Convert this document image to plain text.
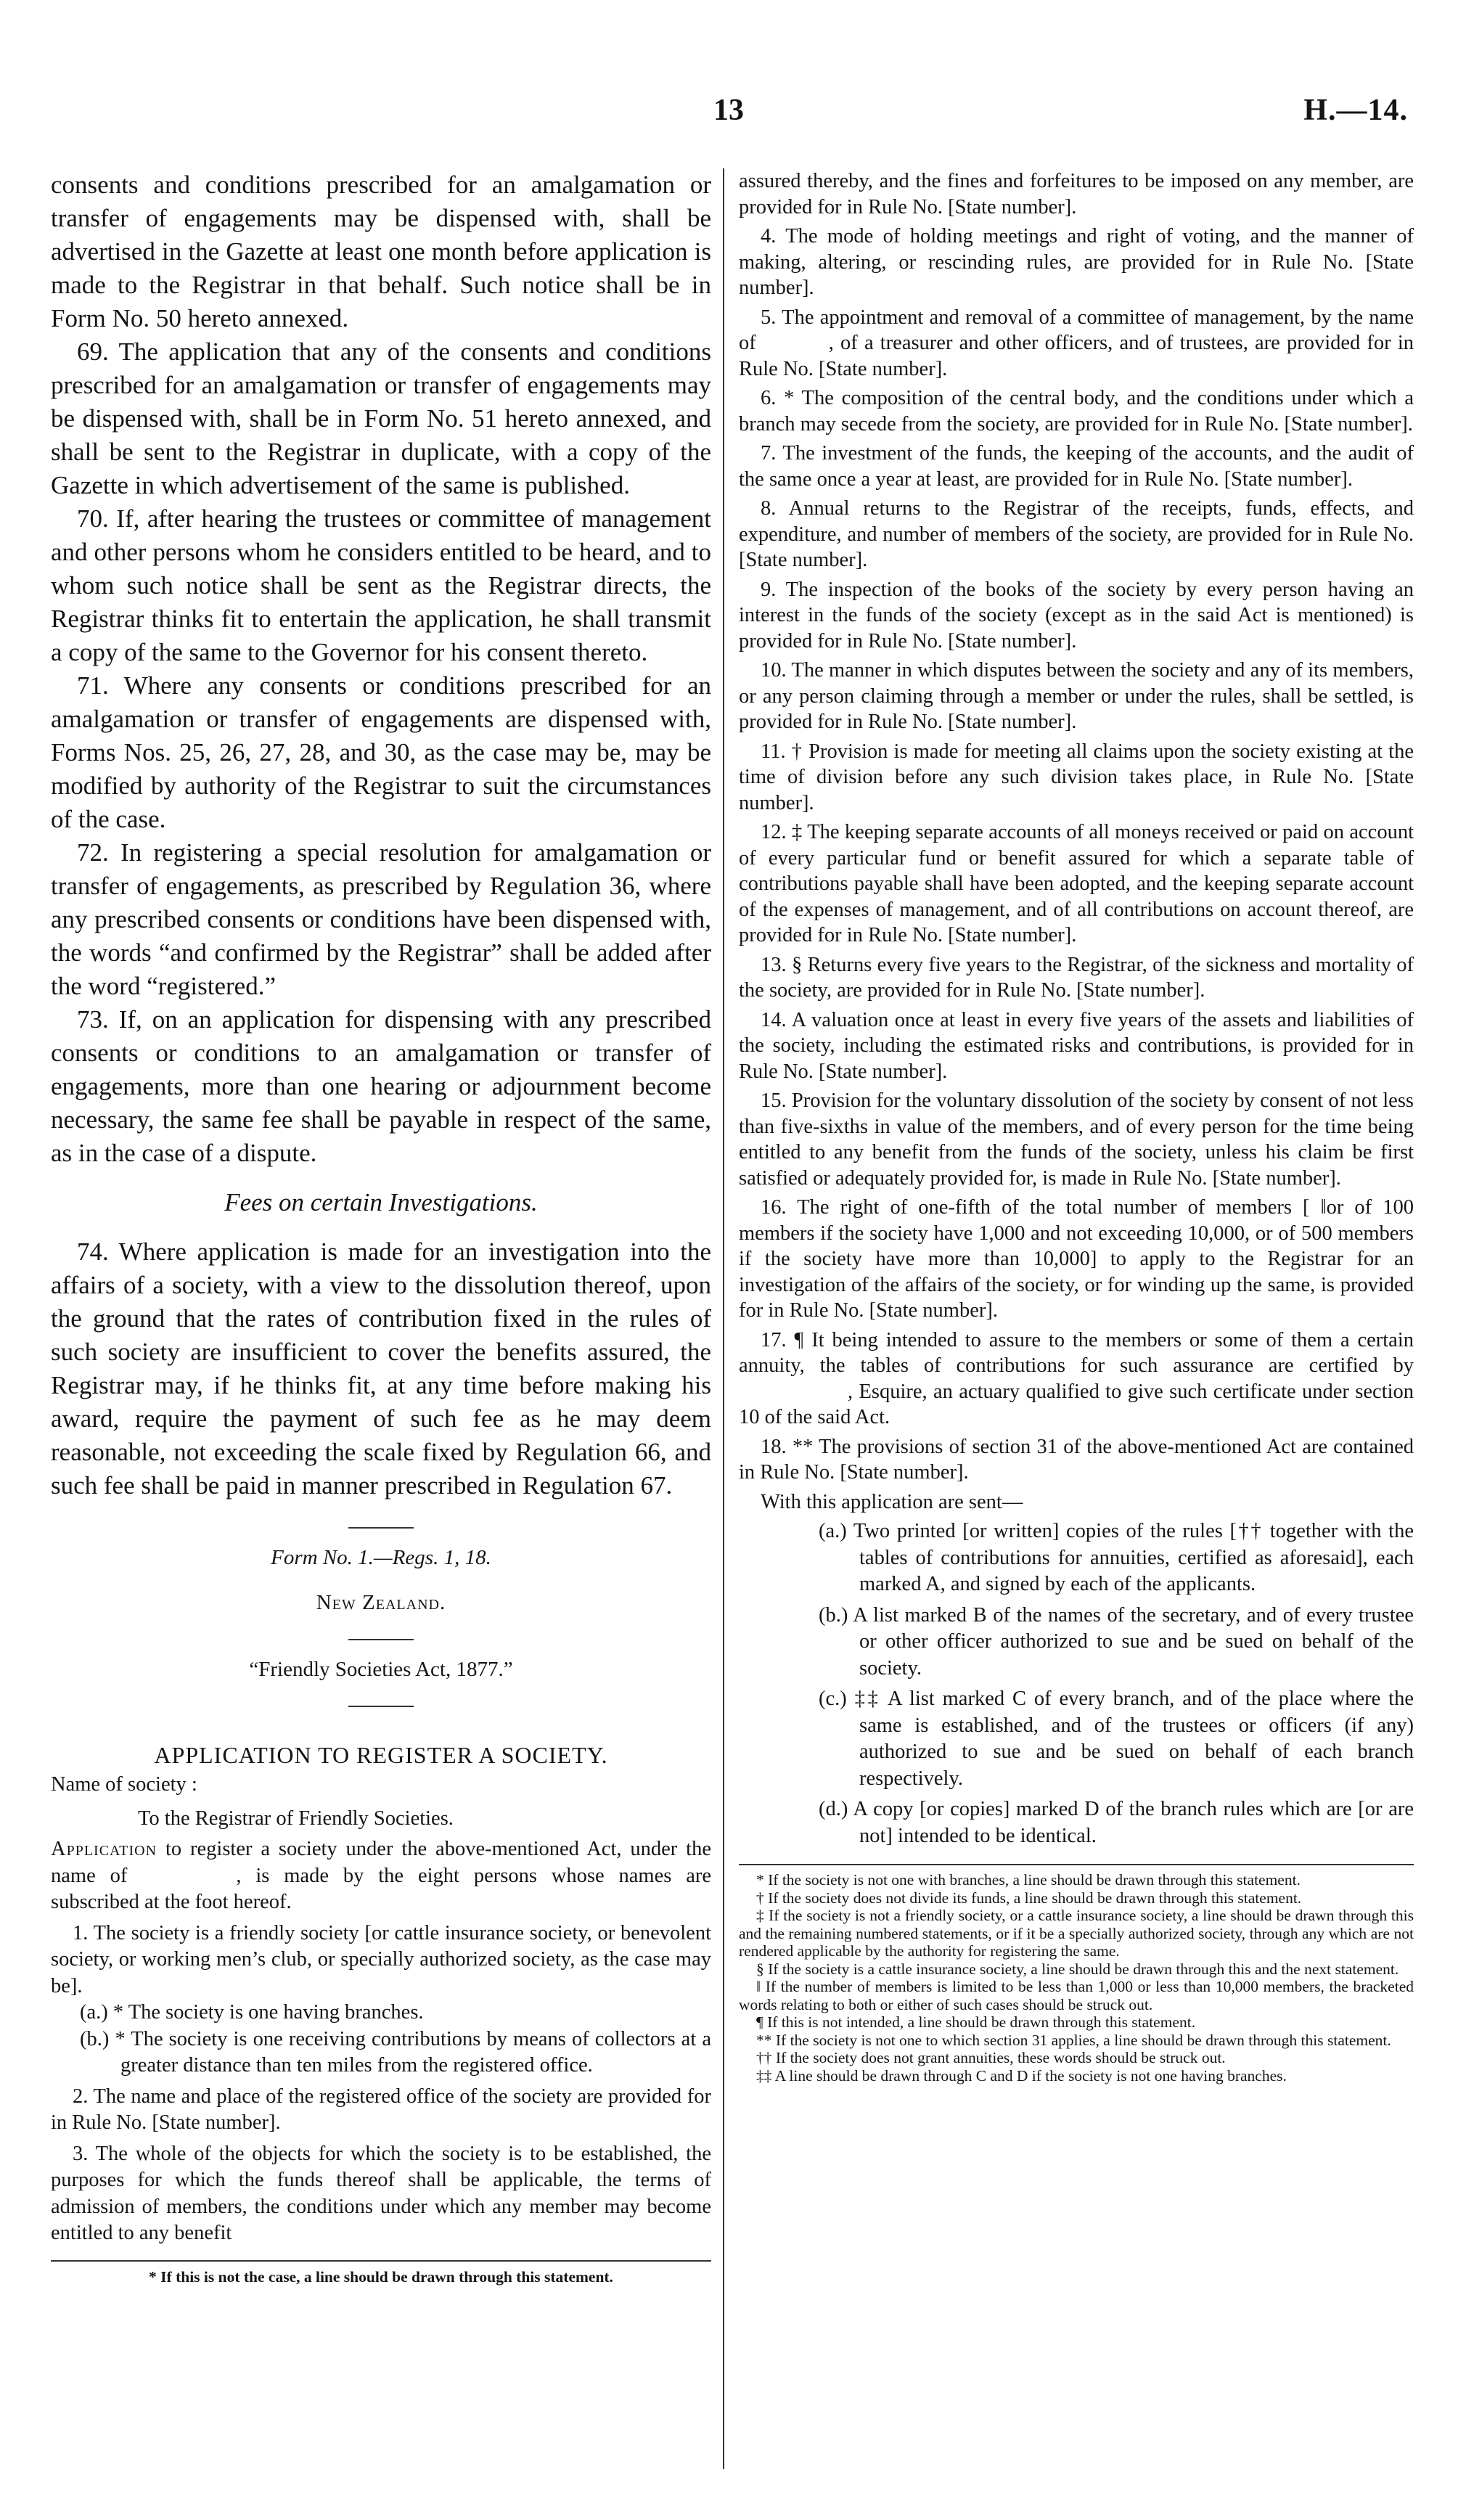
13	H.—14.

consents and conditions prescribed for an amalgamation or transfer of engagements may be dispensed with, shall be advertised in the Gazette at least one month before application is made to the Registrar in that behalf. Such notice shall be in Form No. 50 hereto annexed.

69. The application that any of the consents and conditions prescribed for an amalgamation or transfer of engagements may be dispensed with, shall be in Form No. 51 hereto annexed, and shall be sent to the Registrar in duplicate, with a copy of the Gazette in which advertisement of the same is published.

70. If, after hearing the trustees or committee of management and other persons whom he considers entitled to be heard, and to whom such notice shall be sent as the Registrar directs, the Registrar thinks fit to entertain the application, he shall transmit a copy of the same to the Governor for his consent thereto.

71. Where any consents or conditions prescribed for an amalgamation or transfer of engagements are dispensed with, Forms Nos. 25, 26, 27, 28, and 30, as the case may be, may be modified by authority of the Registrar to suit the circumstances of the case.

72. In registering a special resolution for amalgamation or transfer of engagements, as prescribed by Regulation 36, where any prescribed consents or conditions have been dispensed with, the words “and confirmed by the Registrar” shall be added after the word “registered.”

73. If, on an application for dispensing with any prescribed consents or conditions to an amalgamation or transfer of engagements, more than one hearing or adjournment become necessary, the same fee shall be payable in respect of the same, as in the case of a dispute.

Fees on certain Investigations.

74. Where application is made for an investigation into the affairs of a society, with a view to the dissolution thereof, upon the ground that the rates of contribution fixed in the rules of such society are insufficient to cover the benefits assured, the Registrar may, if he thinks fit, at any time before making his award, require the payment of such fee as he may deem reasonable, not exceeding the scale fixed by Regulation 66, and such fee shall be paid in manner prescribed in Regulation 67.

Form No. 1.—Regs. 1, 18.

New Zealand.

“Friendly Societies Act, 1877.”

APPLICATION TO REGISTER A SOCIETY.

Name of society :

To the Registrar of Friendly Societies.

Application to register a society under the above-mentioned Act, under the name of	, is made by the eight persons whose names are subscribed at the foot hereof.

1. The society is a friendly society [or cattle insurance society, or benevolent society, or working men’s club, or specially authorized society, as the case may be].

(a.) * The society is one having branches.

(b.) * The society is one receiving contributions by means of collectors at a greater distance than ten miles from the registered office.

2. The name and place of the registered office of the society are provided for in Rule No. [State number].

3. The whole of the objects for which the society is to be established, the purposes for which the funds thereof shall be applicable, the terms of admission of members, the conditions under which any member may become entitled to any benefit

* If this is not the case, a line should be drawn through this statement.

assured thereby, and the fines and forfeitures to be imposed on any member, are provided for in Rule No. [State number].

4. The mode of holding meetings and right of voting, and the manner of making, altering, or rescinding rules, are provided for in Rule No. [State number].

5. The appointment and removal of a committee of management, by the name of	, of a treasurer and other officers, and of trustees, are provided for in Rule No. [State number].

6. * The composition of the central body, and the conditions under which a branch may secede from the society, are provided for in Rule No. [State number].

7. The investment of the funds, the keeping of the accounts, and the audit of the same once a year at least, are provided for in Rule No. [State number].

8. Annual returns to the Registrar of the receipts, funds, effects, and expenditure, and number of members of the society, are provided for in Rule No. [State number].

9. The inspection of the books of the society by every person having an interest in the funds of the society (except as in the said Act is mentioned) is provided for in Rule No. [State number].

10. The manner in which disputes between the society and any of its members, or any person claiming through a member or under the rules, shall be settled, is provided for in Rule No. [State number].

11. † Provision is made for meeting all claims upon the society existing at the time of division before any such division takes place, in Rule No. [State number].

12. ‡ The keeping separate accounts of all moneys received or paid on account of every particular fund or benefit assured for which a separate table of contributions payable shall have been adopted, and the keeping separate account of the expenses of management, and of all contributions on account thereof, are provided for in Rule No. [State number].

13. § Returns every five years to the Registrar, of the sickness and mortality of the society, are provided for in Rule No. [State number].

14. A valuation once at least in every five years of the assets and liabilities of the society, including the estimated risks and contributions, is provided for in Rule No. [State number].

15. Provision for the voluntary dissolution of the society by consent of not less than five-sixths in value of the members, and of every person for the time being entitled to any benefit from the funds of the society, unless his claim be first satisfied or adequately provided for, is made in Rule No. [State number].

16. The right of one-fifth of the total number of members [ ‖or of 100 members if the society have 1,000 and not exceeding 10,000, or of 500 members if the society have more than 10,000] to apply to the Registrar for an investigation of the affairs of the society, or for winding up the same, is provided for in Rule No. [State number].

17. ¶ It being intended to assure to the members or some of them a certain annuity, the tables of contributions for such assurance are certified by, Esquire, an actuary qualified to give such certificate under section 10 of the said Act.

18. ** The provisions of section 31 of the above-mentioned Act are contained in Rule No. [State number].

With this application are sent—

(a.) Two printed [or written] copies of the rules [†† together with the tables of contributions for annuities, certified as aforesaid], each marked A, and signed by each of the applicants.

(b.) A list marked B of the names of the secretary, and of every trustee or other officer authorized to sue and be sued on behalf of the society.

(c.) ‡‡ A list marked C of every branch, and of the place where the same is established, and of the trustees or officers (if any) authorized to sue and be sued on behalf of each branch respectively.

(d.) A copy [or copies] marked D of the branch rules which are [or are not] intended to be identical.

* If the society is not one with branches, a line should be drawn through this statement.

† If the society does not divide its funds, a line should be drawn through this statement.

‡ If the society is not a friendly society, or a cattle insurance society, a line should be drawn through this and the remaining numbered statements, or if it be a specially authorized society, through any which are not rendered applicable by the authority for registering the same.

§ If the society is a cattle insurance society, a line should be drawn through this and the next statement.

‖ If the number of members is limited to be less than 1,000 or less than 10,000 members, the bracketed words relating to both or either of such cases should be struck out.

¶ If this is not intended, a line should be drawn through this statement.

** If the society is not one to which section 31 applies, a line should be drawn through this statement.

†† If the society does not grant annuities, these words should be struck out.

‡‡ A line should be drawn through C and D if the society is not one having branches.
